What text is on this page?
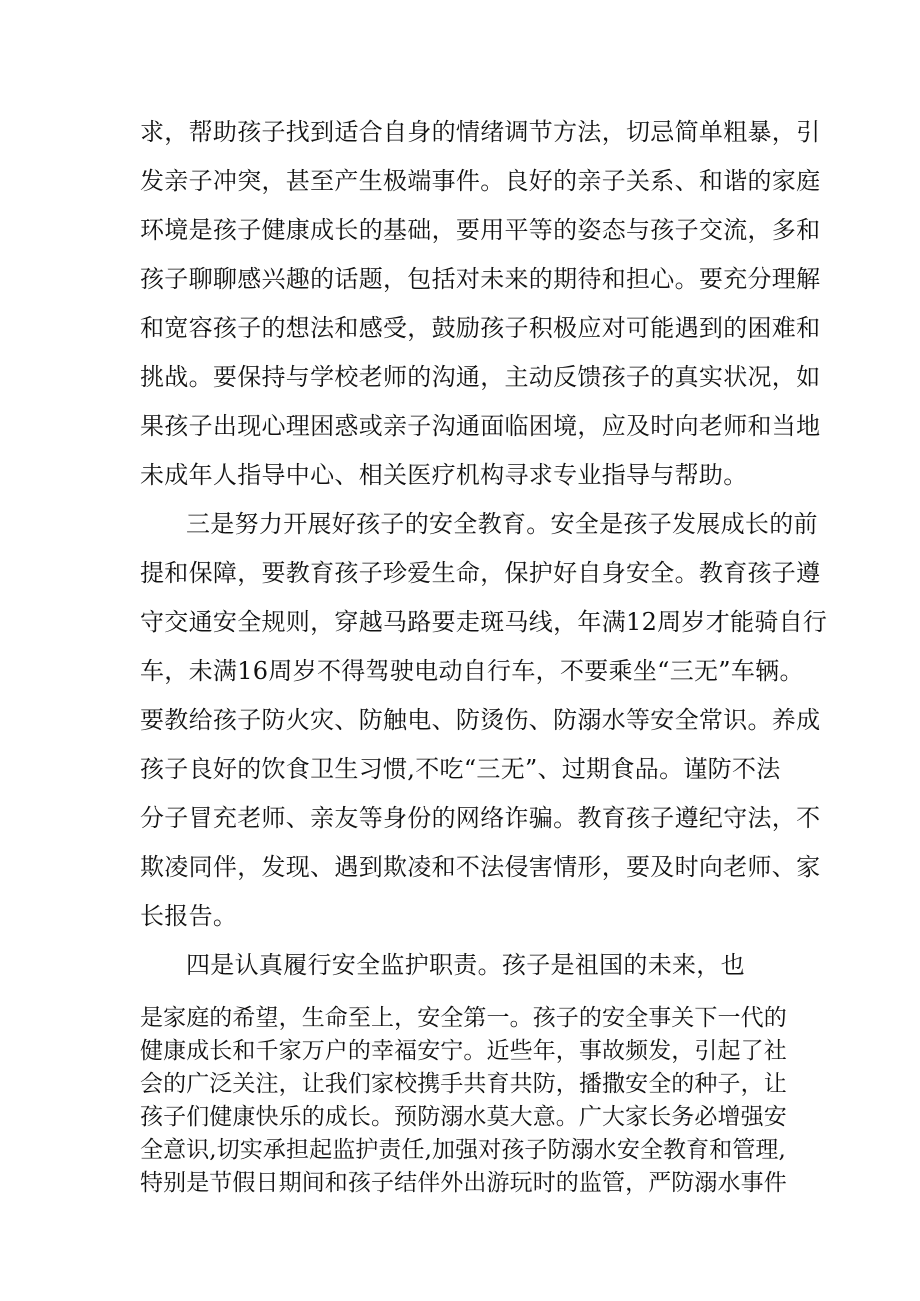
求，帮助孩子找到适合自身的情绪调节方法，切忌简单粗暴，引
发亲子冲突，甚至产生极端事件。良好的亲子关系、和谐的家庭
环境是孩子健康成长的基础，要用平等的姿态与孩子交流，多和
孩子聊聊感兴趣的话题，包括对未来的期待和担心。要充分理解
和宽容孩子的想法和感受，鼓励孩子积极应对可能遇到的困难和
挑战。要保持与学校老师的沟通，主动反馈孩子的真实状况，如
果孩子出现心理困惑或亲子沟通面临困境，应及时向老师和当地
未成年人指导中心、相关医疗机构寻求专业指导与帮助。
三是努力开展好孩子的安全教育。安全是孩子发展成长的前
提和保障，要教育孩子珍爱生命，保护好自身安全。教育孩子遵
守交通安全规则，穿越马路要走斑马线，年满12周岁才能骑自行
车，未满16周岁不得驾驶电动自行车，不要乘坐“三无”车辆。
要教给孩子防火灾、防触电、防烫伤、防溺水等安全常识。养成
孩子良好的饮食卫生习惯,不吃“三无”、过期食品。谨防不法
分子冒充老师、亲友等身份的网络诈骗。教育孩子遵纪守法，不
欺凌同伴，发现、遇到欺凌和不法侵害情形，要及时向老师、家
长报告。
四是认真履行安全监护职责。孩子是祖国的未来，也
是家庭的希望，生命至上，安全第一。孩子的安全事关下一代的
健康成长和千家万户的幸福安宁。近些年，事故频发，引起了社
会的广泛关注，让我们家校携手共育共防，播撒安全的种子，让
孩子们健康快乐的成长。预防溺水莫大意。广大家长务必增强安
全意识,切实承担起监护责任,加强对孩子防溺水安全教育和管理,
特别是节假日期间和孩子结伴外出游玩时的监管，严防溺水事件
